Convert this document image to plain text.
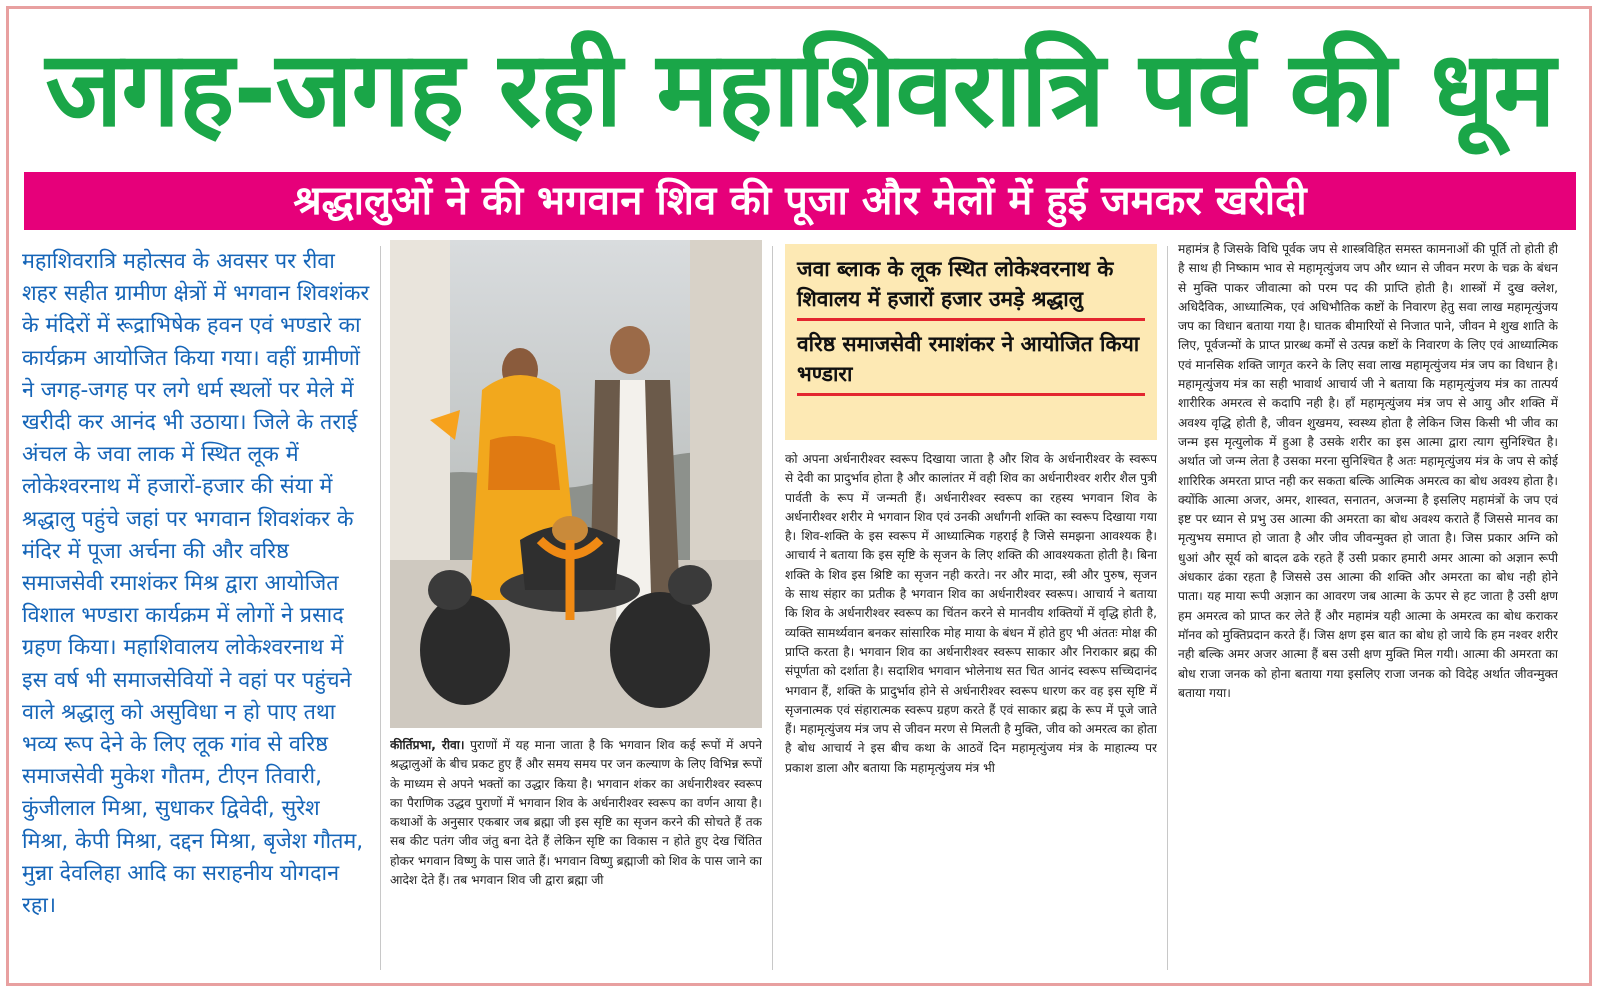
जगह-जगह रही महाशिवरात्रि पर्व की धूम
श्रद्धालुओं ने की भगवान शिव की पूजा और मेलों में हुई जमकर खरीदी
महाशिवरात्रि महोत्सव के अवसर पर रीवा शहर सहीत ग्रामीण क्षेत्रों में भगवान शिवशंकर के मंदिरों में रूद्राभिषेक हवन एवं भण्डारे का कार्यक्रम आयोजित किया गया। वहीं ग्रामीणों ने जगह-जगह पर लगे धर्म स्थलों पर मेले में खरीदी कर आनंद भी उठाया। जिले के तराई अंचल के जवा लाक में स्थित लूक में लोकेश्वरनाथ में हजारों-हजार की संया में श्रद्धालु पहुंचे जहां पर भगवान शिवशंकर के मंदिर में पूजा अर्चना की और वरिष्ठ समाजसेवी रमाशंकर मिश्र द्वारा आयोजित विशाल भण्डारा कार्यक्रम में लोगों ने प्रसाद ग्रहण किया। महाशिवालय लोकेश्वरनाथ में इस वर्ष भी समाजसेवियों ने वहां पर पहुंचने वाले श्रद्धालु को असुविधा न हो पाए तथा भव्य रूप देने के लिए लूक गांव से वरिष्ठ समाजसेवी मुकेश गौतम, टीएन तिवारी, कुंजीलाल मिश्रा, सुधाकर द्विवेदी, सुरेश मिश्रा, केपी मिश्रा, दद्दन मिश्रा, बृजेश गौतम, मुन्ना देवलिहा आदि का सराहनीय योगदान रहा।
कीर्तिप्रभा, रीवा। पुराणों में यह माना जाता है कि भगवान शिव कई रूपों में अपने श्रद्धालुओं के बीच प्रकट हुए हैं और समय समय पर जन कल्याण के लिए विभिन्न रूपों के माध्यम से अपने भक्तों का उद्धार किया है। भगवान शंकर का अर्धनारीश्वर स्वरूप का पैराणिक उद्धव पुराणों में भगवान शिव के अर्धनारीश्वर स्वरूप का वर्णन आया है। कथाओं के अनुसार एकबार जब ब्रह्मा जी इस सृष्टि का सृजन करने की सोचते हैं तक सब कीट पतंग जीव जंतु बना देते हैं लेकिन सृष्टि का विकास न होते हुए देख चिंतित होकर भगवान विष्णु के पास जाते हैं। भगवान विष्णु ब्रह्माजी को शिव के पास जाने का आदेश देते हैं। तब भगवान शिव जी द्वारा ब्रह्मा जी
जवा ब्लाक के लूक स्थित लोकेश्वरनाथ के शिवालय में हजारों हजार उमड़े श्रद्धालु
वरिष्ठ समाजसेवी रमाशंकर ने आयोजित किया भण्डारा
को अपना अर्धनारीश्वर स्वरूप दिखाया जाता है और शिव के अर्धनारीश्वर के स्वरूप से देवी का प्रादुर्भाव होता है और कालांतर में वही शिव का अर्धनारीश्वर शरीर शैल पुत्री पार्वती के रूप में जन्मती हैं। अर्धनारीश्वर स्वरूप का रहस्य भगवान शिव के अर्धनारीश्वर शरीर मे भगवान शिव एवं उनकी अर्धांगनी शक्ति का स्वरूप दिखाया गया है। शिव-शक्ति के इस स्वरूप में आध्यात्मिक गहराई है जिसे समझना आवश्यक है। आचार्य ने बताया कि इस सृष्टि के सृजन के लिए शक्ति की आवश्यकता होती है। बिना शक्ति के शिव इस श्रिष्टि का सृजन नही करते। नर और मादा, स्त्री और पुरुष, सृजन के साथ संहार का प्रतीक है भगवान शिव का अर्धनारीश्वर स्वरूप। आचार्य ने बताया कि शिव के अर्धनारीश्वर स्वरूप का चिंतन करने से मानवीय शक्तियों में वृद्धि होती है, व्यक्ति सामर्थ्यवान बनकर सांसारिक मोह माया के बंधन में होते हुए भी अंततः मोक्ष की प्राप्ति करता है। भगवान शिव का अर्धनारीश्वर स्वरूप साकार और निराकार ब्रह्म की संपूर्णता को दर्शाता है। सदाशिव भगवान भोलेनाथ सत चित आनंद स्वरूप सच्चिदानंद भगवान हैं, शक्ति के प्रादुर्भाव होने से अर्धनारीश्वर स्वरूप धारण कर वह इस सृष्टि में सृजनात्मक एवं संहारात्मक स्वरूप ग्रहण करते हैं एवं साकार ब्रह्म के रूप में पूजे जाते हैं। महामृत्युंजय मंत्र जप से जीवन मरण से मिलती है मुक्ति, जीव को अमरत्व का होता है बोध आचार्य ने इस बीच कथा के आठवें दिन महामृत्युंजय मंत्र के माहात्म्य पर प्रकाश डाला और बताया कि महामृत्युंजय मंत्र भी
महामंत्र है जिसके विधि पूर्वक जप से शास्त्रविहित समस्त कामनाओं की पूर्ति तो होती ही है साथ ही निष्काम भाव से महामृत्युंजय जप और ध्यान से जीवन मरण के चक्र के बंधन से मुक्ति पाकर जीवात्मा को परम पद की प्राप्ति होती है। शास्त्रों में दुख क्लेश, अधिदैविक, आध्यात्मिक, एवं अधिभौतिक कष्टों के निवारण हेतु सवा लाख महामृत्युंजय जप का विधान बताया गया है। घातक बीमारियों से निजात पाने, जीवन मे शुख शाति के लिए, पूर्वजन्मों के प्राप्त प्रारब्ध कर्मों से उत्पन्न कष्टों के निवारण के लिए एवं आध्यात्मिक एवं मानसिक शक्ति जागृत करने के लिए सवा लाख महामृत्युंजय मंत्र जप का विधान है। महामृत्युंजय मंत्र का सही भावार्थ आचार्य जी ने बताया कि महामृत्युंजय मंत्र का तात्पर्य शारीरिक अमरत्व से कदापि नही है। हाँ महामृत्युंजय मंत्र जप से आयु और शक्ति में अवश्य वृद्धि होती है, जीवन शुखमय, स्वस्थ्य होता है लेकिन जिस किसी भी जीव का जन्म इस मृत्युलोक में हुआ है उसके शरीर का इस आत्मा द्वारा त्याग सुनिश्चित है। अर्थात जो जन्म लेता है उसका मरना सुनिश्चित है अतः महामृत्युंजय मंत्र के जप से कोई शारिरिक अमरता प्राप्त नही कर सकता बल्कि आत्मिक अमरत्व का बोध अवश्य होता है। क्योंकि आत्मा अजर, अमर, शास्वत, सनातन, अजन्मा है इसलिए महामंत्रों के जप एवं इष्ट पर ध्यान से प्रभु उस आत्मा की अमरता का बोध अवश्य कराते हैं जिससे मानव का मृत्युभय समाप्त हो जाता है और जीव जीवन्मुक्त हो जाता है। जिस प्रकार अग्नि को धुआं और सूर्य को बादल ढके रहते हैं उसी प्रकार हमारी अमर आत्मा को अज्ञान रूपी अंधकार ढंका रहता है जिससे उस आत्मा की शक्ति और अमरता का बोध नही होने पाता। यह माया रूपी अज्ञान का आवरण जब आत्मा के ऊपर से हट जाता है उसी क्षण हम अमरत्व को प्राप्त कर लेते हैं और महामंत्र यही आत्मा के अमरत्व का बोध कराकर मॉनव को मुक्तिप्रदान करते हैं। जिस क्षण इस बात का बोध हो जाये कि हम नश्वर शरीर नही बल्कि अमर अजर आत्मा हैं बस उसी क्षण मुक्ति मिल गयी। आत्मा की अमरता का बोध राजा जनक को होना बताया गया इसलिए राजा जनक को विदेह अर्थात जीवन्मुक्त बताया गया।
